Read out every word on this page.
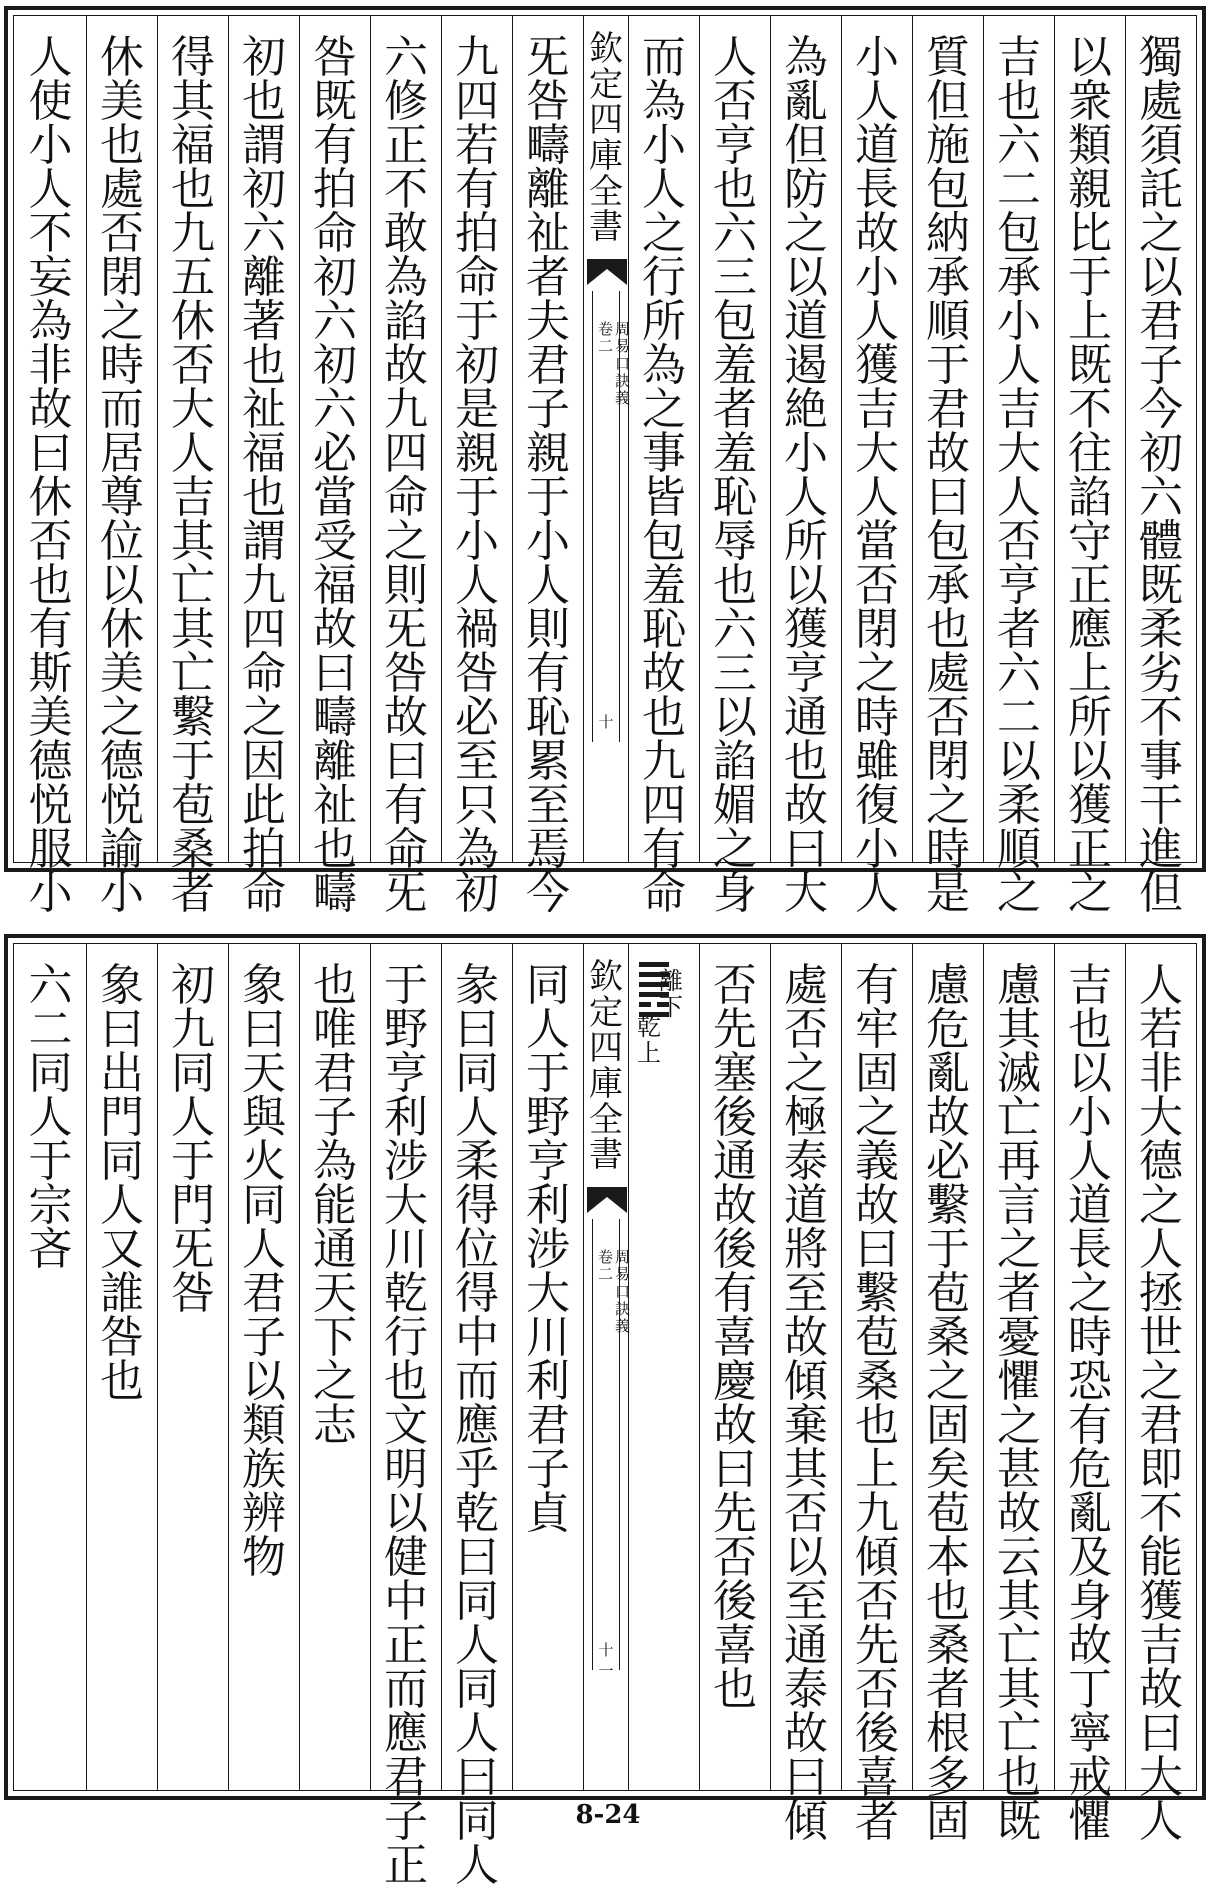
獨
處
須
託
之
以
君
子
今
初
六
體
既
柔
劣
不
事
干
進
但
以
衆
類
親
比
于
上
既
不
往
諂
守
正
應
上
所
以
獲
正
之
吉
也
六
二
包
承
小
人
吉
大
人
否
亨
者
六
二
以
柔
順
之
質
但
施
包
納
承
順
于
君
故
曰
包
承
也
處
否
閉
之
時
是
小
人
道
長
故
小
人
獲
吉
大
人
當
否
閉
之
時
雖
復
小
人
為
亂
但
防
之
以
道
遏
絶
小
人
所
以
獲
亨
通
也
故
曰
大
人
否
亨
也
六
三
包
羞
者
羞
恥
辱
也
六
三
以
諂
媚
之
身
而
為
小
人
之
行
所
為
之
事
皆
包
羞
恥
故
也
九
四
有
命
欽
定
四
庫
全
書
周
易
口
訣
義
卷
二
十
旡
咎
疇
離
祉
者
夫
君
子
親
于
小
人
則
有
恥
累
至
焉
今
九
四
若
有
拍
命
于
初
是
親
于
小
人
禍
咎
必
至
只
為
初
六
修
正
不
敢
為
諂
故
九
四
命
之
則
旡
咎
故
曰
有
命
旡
咎
既
有
拍
命
初
六
初
六
必
當
受
福
故
曰
疇
離
祉
也
疇
初
也
謂
初
六
離
著
也
祉
福
也
謂
九
四
命
之
因
此
拍
命
得
其
福
也
九
五
休
否
大
人
吉
其
亡
其
亡
繫
于
苞
桑
者
休
美
也
處
否
閉
之
時
而
居
尊
位
以
休
美
之
德
悦
諭
小
人
使
小
人
不
妄
為
非
故
曰
休
否
也
有
斯
美
德
悦
服
小
人
若
非
大
德
之
人
拯
世
之
君
即
不
能
獲
吉
故
曰
大
人
吉
也
以
小
人
道
長
之
時
恐
有
危
亂
及
身
故
丁
寧
戒
懼
慮
其
滅
亡
再
言
之
者
憂
懼
之
甚
故
云
其
亡
其
亡
也
既
慮
危
亂
故
必
繫
于
苞
桑
之
固
矣
苞
本
也
桑
者
根
多
固
有
牢
固
之
義
故
曰
繫
苞
桑
也
上
九
傾
否
先
否
後
喜
者
處
否
之
極
泰
道
將
至
故
傾
棄
其
否
以
至
通
泰
故
曰
傾
否
先
塞
後
通
故
後
有
喜
慶
故
曰
先
否
後
喜
也
離
下
乾
上
欽
定
四
庫
全
書
周
易
口
訣
義
卷
二
十一
同
人
于
野
亨
利
涉
大
川
利
君
子
貞
彖
曰
同
人
柔
得
位
得
中
而
應
乎
乾
曰
同
人
同
人
曰
同
人
于
野
亨
利
涉
大
川
乾
行
也
文
明
以
健
中
正
而
應
君
子
正
也
唯
君
子
為
能
通
天
下
之
志
象
曰
天
與
火
同
人
君
子
以
類
族
辨
物
初
九
同
人
于
門
旡
咎
象
曰
出
門
同
人
又
誰
咎
也
六
二
同
人
于
宗
吝
8-24
